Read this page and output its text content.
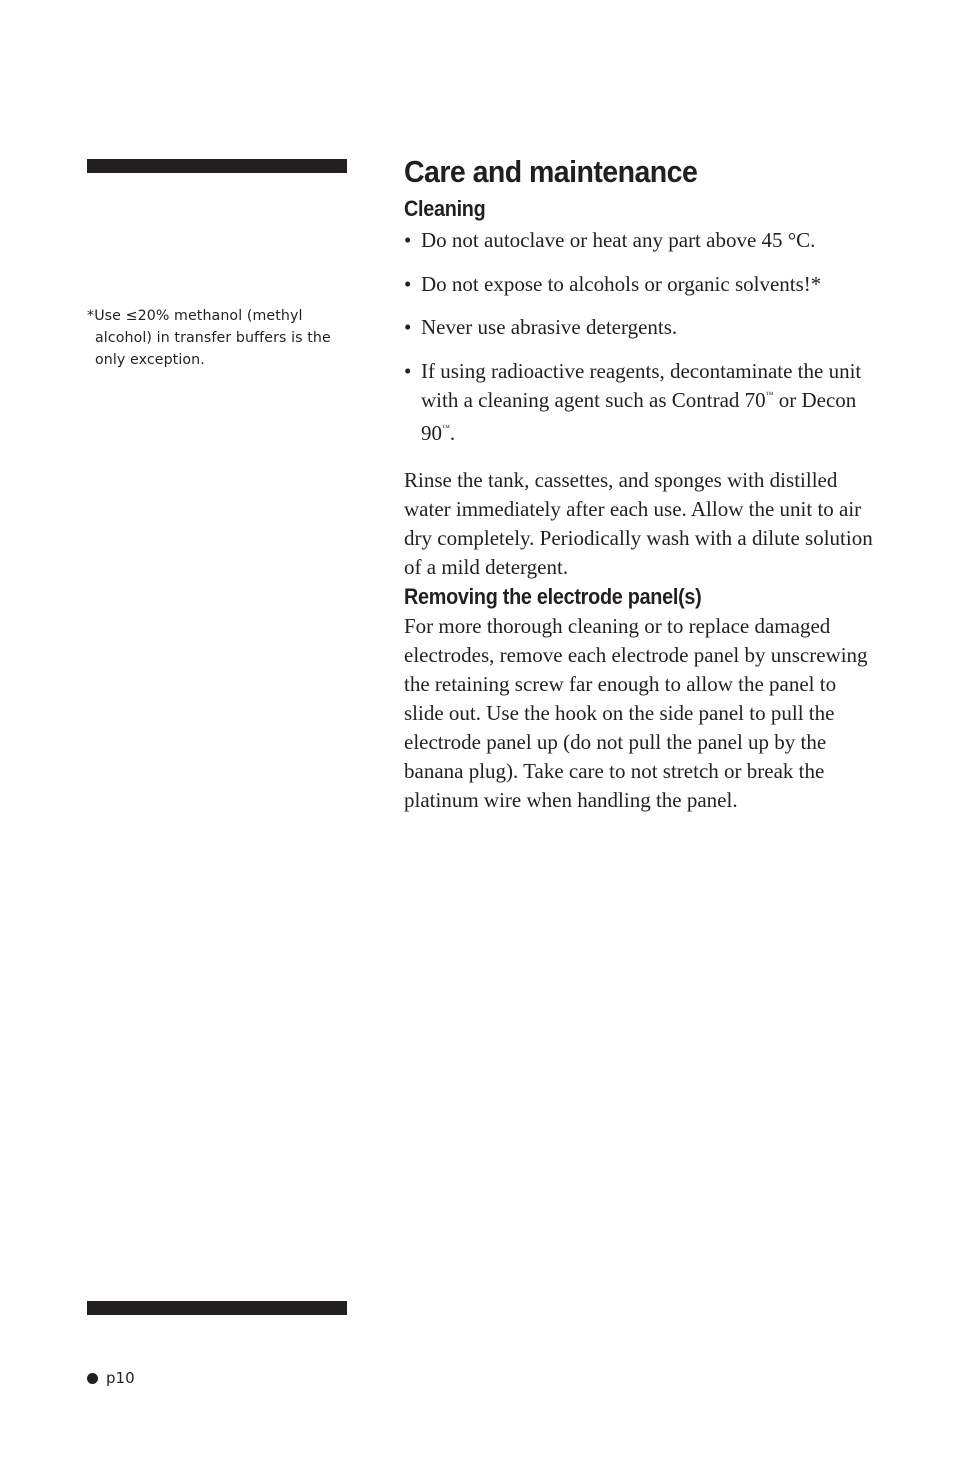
*Use ≤20% methanol (methyl alcohol) in transfer buffers is the only exception.
Care and maintenance
Cleaning
• Do not autoclave or heat any part above 45 °C.
• Do not expose to alcohols or organic solvents!*
• Never use abrasive detergents.
• If using radioactive reagents, decontaminate the unit with a cleaning agent such as Contrad 70™ or Decon 90™.

Rinse the tank, cassettes, and sponges with distilled water immediately after each use. Allow the unit to air dry completely. Periodically wash with a dilute solution of a mild detergent.

Removing the electrode panel(s)

For more thorough cleaning or to replace damaged electrodes, remove each electrode panel by unscrewing the retaining screw far enough to allow the panel to slide out. Use the hook on the side panel to pull the electrode panel up (do not pull the panel up by the banana plug). Take care to not stretch or break the platinum wire when handling the panel.

p10
